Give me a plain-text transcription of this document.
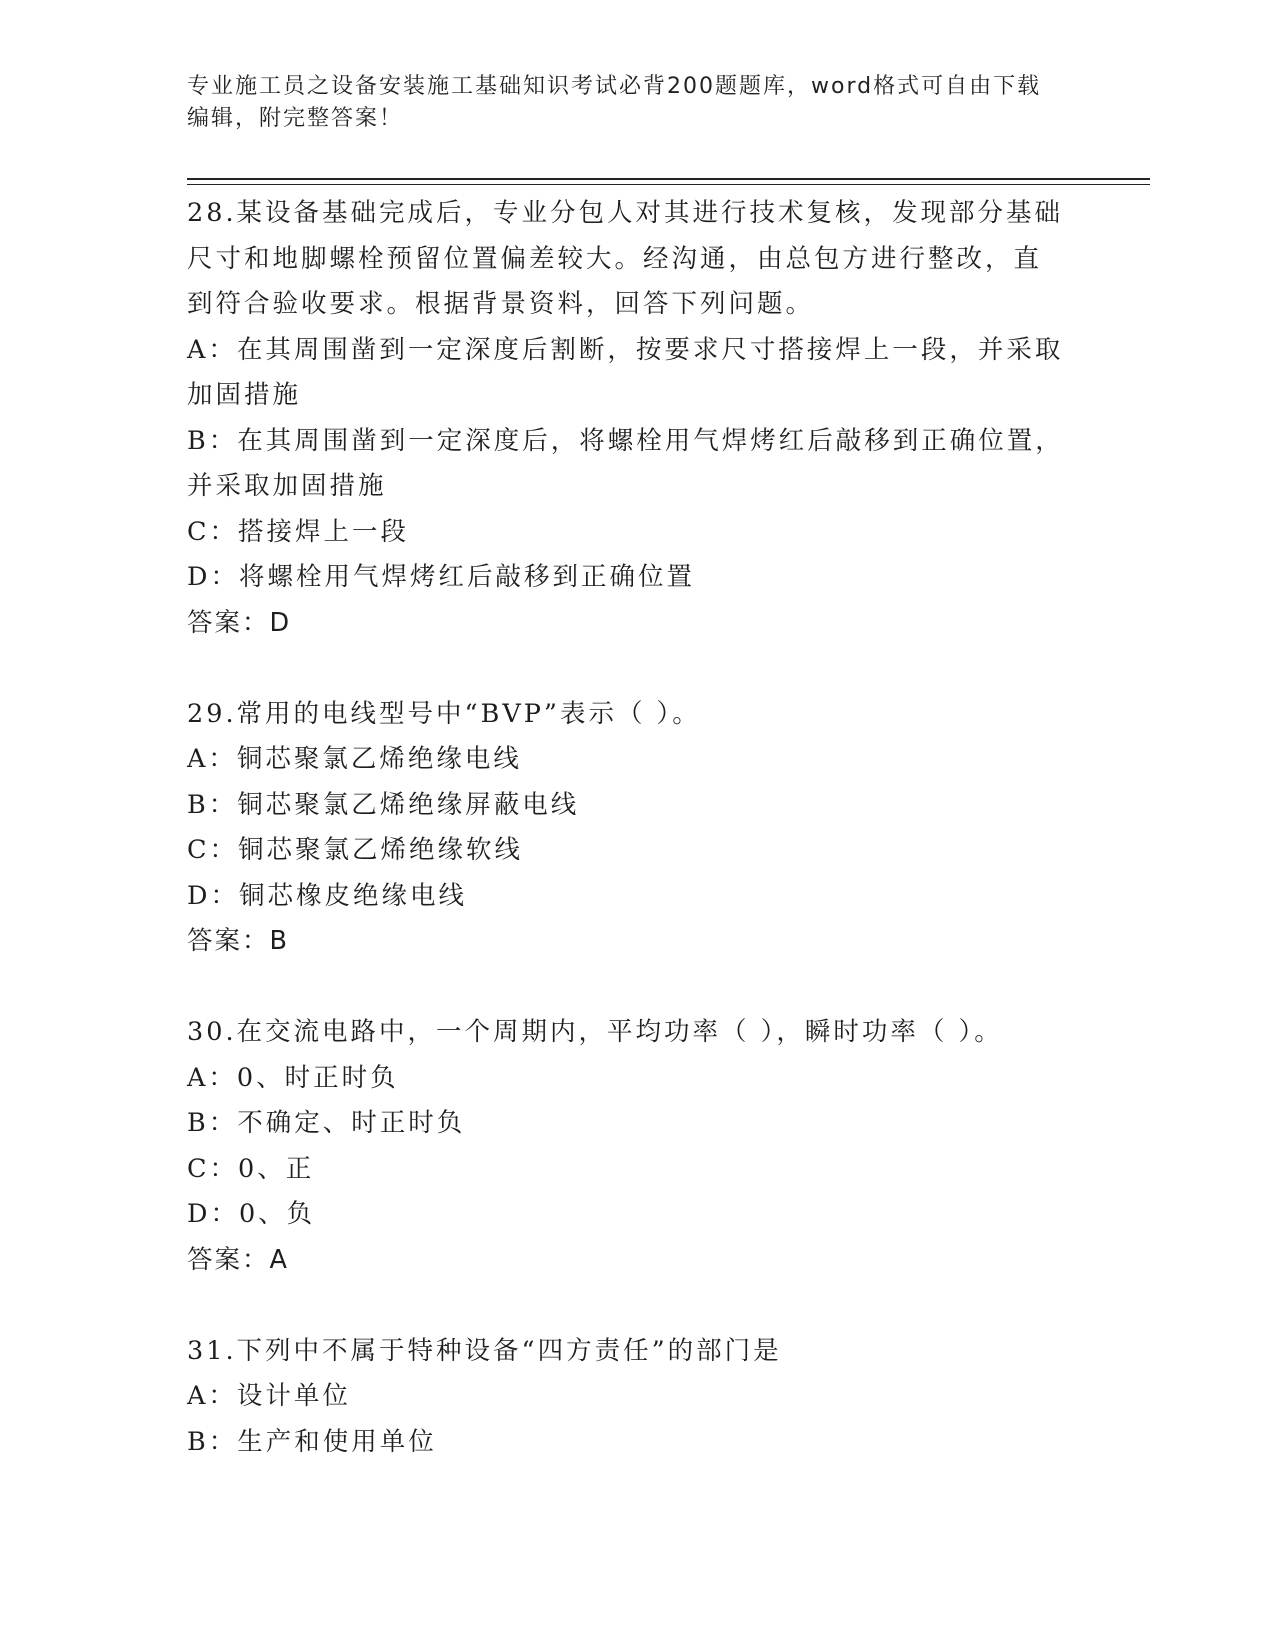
专业施工员之设备安装施工基础知识考试必背200题题库，word格式可自由下载
编辑，附完整答案！
28.某设备基础完成后，专业分包人对其进行技术复核，发现部分基础
尺寸和地脚螺栓预留位置偏差较大。经沟通，由总包方进行整改，直
到符合验收要求。根据背景资料，回答下列问题。
A：在其周围凿到一定深度后割断，按要求尺寸搭接焊上一段，并采取
加固措施
B：在其周围凿到一定深度后，将螺栓用气焊烤红后敲移到正确位置，
并采取加固措施
C：搭接焊上一段
D：将螺栓用气焊烤红后敲移到正确位置
答案：D
29.常用的电线型号中“BVP”表示（ ）。
A：铜芯聚氯乙烯绝缘电线
B：铜芯聚氯乙烯绝缘屏蔽电线
C：铜芯聚氯乙烯绝缘软线
D：铜芯橡皮绝缘电线
答案：B
30.在交流电路中，一个周期内，平均功率（ ），瞬时功率（ ）。
A：0、时正时负
B：不确定、时正时负
C：0、正
D：0、负
答案：A
31.下列中不属于特种设备“四方责任”的部门是
A：设计单位
B：生产和使用单位
